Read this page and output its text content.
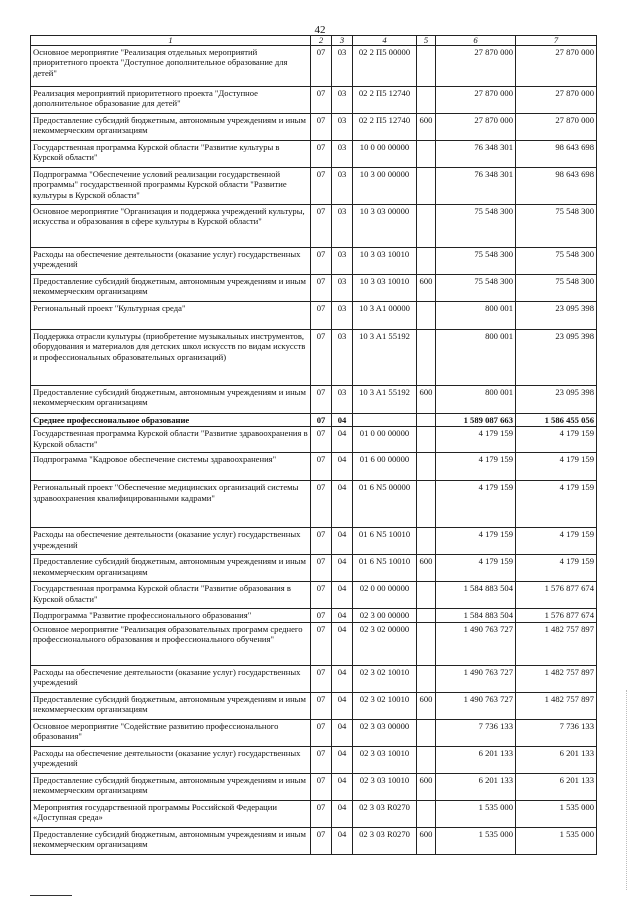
42
1	2	3	4	5	6	7
Основное мероприятие "Реализация отдельных мероприятий приоритетного проекта "Доступное дополнительное образование для детей"	07	03	02 2 П5 00000		27 870 000	27 870 000
Реализация мероприятий приоритетного проекта "Доступное дополнительное образование для детей"	07	03	02 2 П5 12740		27 870 000	27 870 000
Предоставление субсидий бюджетным, автономным учреждениям и иным некоммерческим организациям	07	03	02 2 П5 12740	600	27 870 000	27 870 000
Государственная программа Курской области "Развитие культуры в Курской области"	07	03	10 0 00 00000		76 348 301	98 643 698
Подпрограмма "Обеспечение условий реализации государственной программы" государственной программы Курской области "Развитие культуры в Курской области"	07	03	10 3 00 00000		76 348 301	98 643 698
Основное мероприятие "Организация и поддержка учреждений культуры, искусства и образования в сфере культуры в Курской области"	07	03	10 3 03 00000		75 548 300	75 548 300
Расходы на обеспечение деятельности (оказание услуг) государственных учреждений	07	03	10 3 03 10010		75 548 300	75 548 300
Предоставление субсидий бюджетным, автономным учреждениям и иным некоммерческим организациям	07	03	10 3 03 10010	600	75 548 300	75 548 300
Региональный проект "Культурная среда"	07	03	10 3 A1 00000		800 001	23 095 398
Поддержка отрасли культуры (приобретение музыкальных инструментов, оборудования и материалов для детских школ искусств по видам искусств и профессиональных образовательных организаций)	07	03	10 3 A1 55192		800 001	23 095 398
Предоставление субсидий бюджетным, автономным учреждениям и иным некоммерческим организациям	07	03	10 3 A1 55192	600	800 001	23 095 398
Среднее профессиональное образование	07	04			1 589 087 663	1 586 455 056
Государственная программа Курской области "Развитие здравоохранения в Курской области"	07	04	01 0 00 00000		4 179 159	4 179 159
Подпрограмма "Кадровое обеспечение системы здравоохранения"	07	04	01 6 00 00000		4 179 159	4 179 159
Региональный проект "Обеспечение медицинских организаций системы здравоохранения квалифицированными кадрами"	07	04	01 6 N5 00000		4 179 159	4 179 159
Расходы на обеспечение деятельности (оказание услуг) государственных учреждений	07	04	01 6 N5 10010		4 179 159	4 179 159
Предоставление субсидий бюджетным, автономным учреждениям и иным некоммерческим организациям	07	04	01 6 N5 10010	600	4 179 159	4 179 159
Государственная программа Курской области "Развитие образования в Курской области"	07	04	02 0 00 00000		1 584 883 504	1 576 877 674
Подпрограмма "Развитие профессионального образования"	07	04	02 3 00 00000		1 584 883 504	1 576 877 674
Основное мероприятие "Реализация образовательных программ среднего профессионального образования и профессионального обучения"	07	04	02 3 02 00000		1 490 763 727	1 482 757 897
Расходы на обеспечение деятельности (оказание услуг) государственных учреждений	07	04	02 3 02 10010		1 490 763 727	1 482 757 897
Предоставление субсидий бюджетным, автономным учреждениям и иным некоммерческим организациям	07	04	02 3 02 10010	600	1 490 763 727	1 482 757 897
Основное мероприятие "Содействие развитию профессионального образования"	07	04	02 3 03 00000		7 736 133	7 736 133
Расходы на обеспечение деятельности (оказание услуг) государственных учреждений	07	04	02 3 03 10010		6 201 133	6 201 133
Предоставление субсидий бюджетным, автономным учреждениям и иным некоммерческим организациям	07	04	02 3 03 10010	600	6 201 133	6 201 133
Мероприятия государственной программы Российской Федерации «Доступная среда»	07	04	02 3 03 R0270		1 535 000	1 535 000
Предоставление субсидий бюджетным, автономным учреждениям и иным некоммерческим организациям	07	04	02 3 03 R0270	600	1 535 000	1 535 000
